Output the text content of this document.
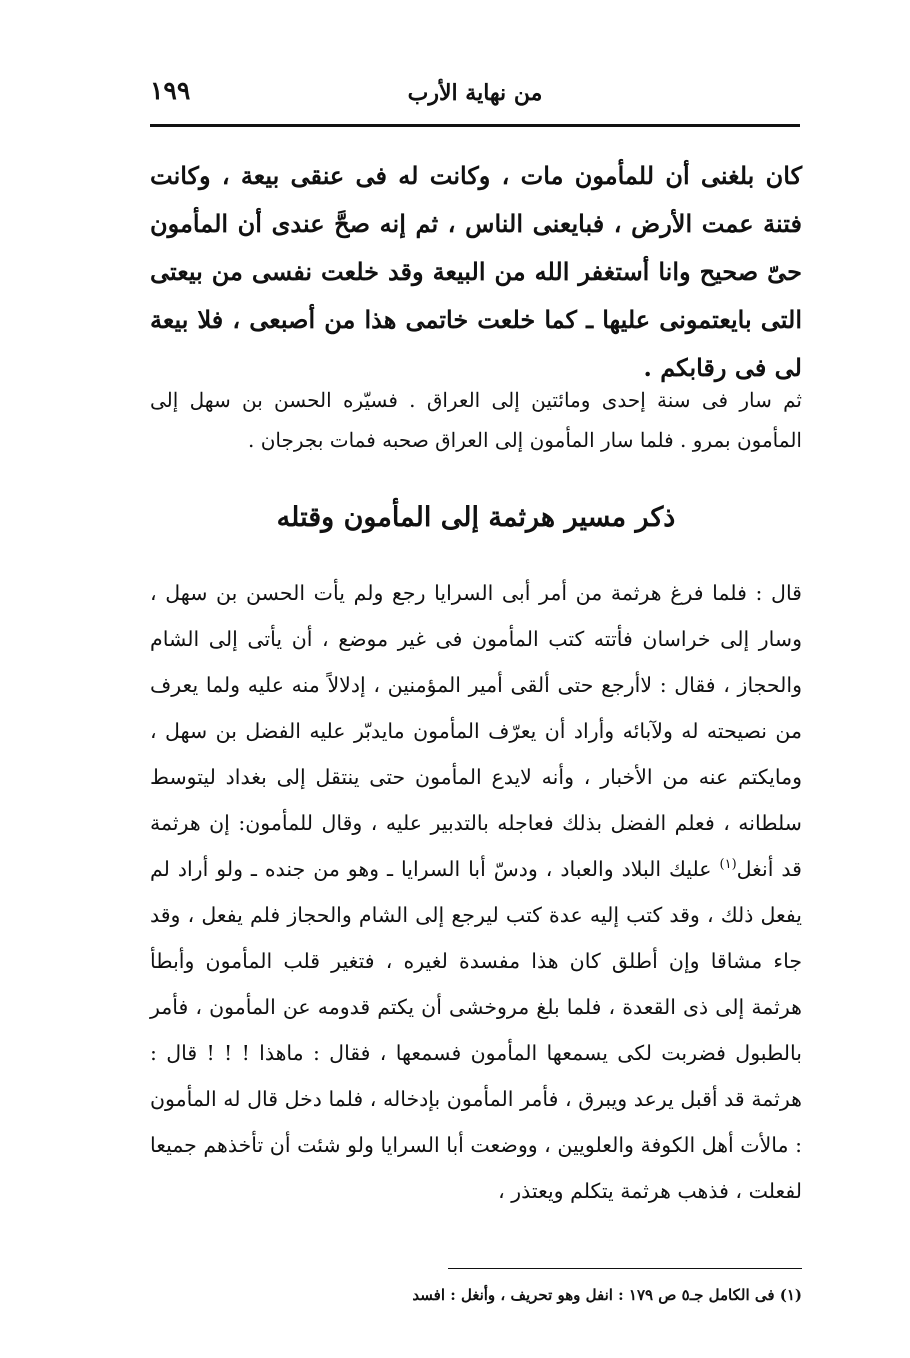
١٩٩	من نهاية الأرب

كان بلغنى أن للمأمون مات ، وكانت له فى عنقى بيعة ، وكانت فتنة عمت الأرض ، فبايعنى الناس ، ثم إنه صحَّ عندى أن المأمون حىّ صحيح وانا أستغفر الله من البيعة وقد خلعت نفسى من بيعتى التى بايعتمونى عليها ـ كما خلعت خاتمى هذا من أصبعى ، فلا بيعة لى فى رقابكم .

ثم سار فى سنة إحدى ومائتين إلى العراق . فسيّره الحسن بن سهل إلى المأمون بمرو . فلما سار المأمون إلى العراق صحبه فمات بجرجان .

ذكر مسير هرثمة إلى المأمون وقتله

قال : فلما فرغ هرثمة من أمر أبى السرايا رجع ولم يأت الحسن بن سهل ، وسار إلى خراسان فأتته كتب المأمون فى غير موضع ، أن يأتى إلى الشام والحجاز ، فقال : لاأرجع حتى ألقى أمير المؤمنين ، إدلالاً منه عليه ولما يعرف من نصيحته له ولآبائه وأراد أن يعرّف المأمون مايدبّر عليه الفضل بن سهل ، ومايكتم عنه من الأخبار ، وأنه لايدع المأمون حتى ينتقل إلى بغداد ليتوسط سلطانه ، فعلم الفضل بذلك فعاجله بالتدبير عليه ، وقال للمأمون: إن هرثمة قد أنغل$^{(١)}$ عليك البلاد والعباد ، ودسّ أبا السرايا ـ وهو من جنده ـ ولو أراد لم يفعل ذلك ، وقد كتب إليه عدة كتب ليرجع إلى الشام والحجاز فلم يفعل ، وقد جاء مشاقا وإن أطلق كان هذا مفسدة لغيره ، فتغير قلب المأمون وأبطأ هرثمة إلى ذى القعدة ، فلما بلغ مروخشى أن يكتم قدومه عن المأمون ، فأمر بالطبول فضربت لكى يسمعها المأمون فسمعها ، فقال : ماهذا ! ! ! قال : هرثمة قد أقبل يرعد ويبرق ، فأمر المأمون بإدخاله ، فلما دخل قال له المأمون : مالأت أهل الكوفة والعلويين ، ووضعت أبا السرايا ولو شئت أن تأخذهم جميعا لفعلت ، فذهب هرثمة يتكلم ويعتذر ،

(١) فى الكامل جـ٥ ص ١٧٩ : انفل وهو تحريف ، وأنغل : افسد
